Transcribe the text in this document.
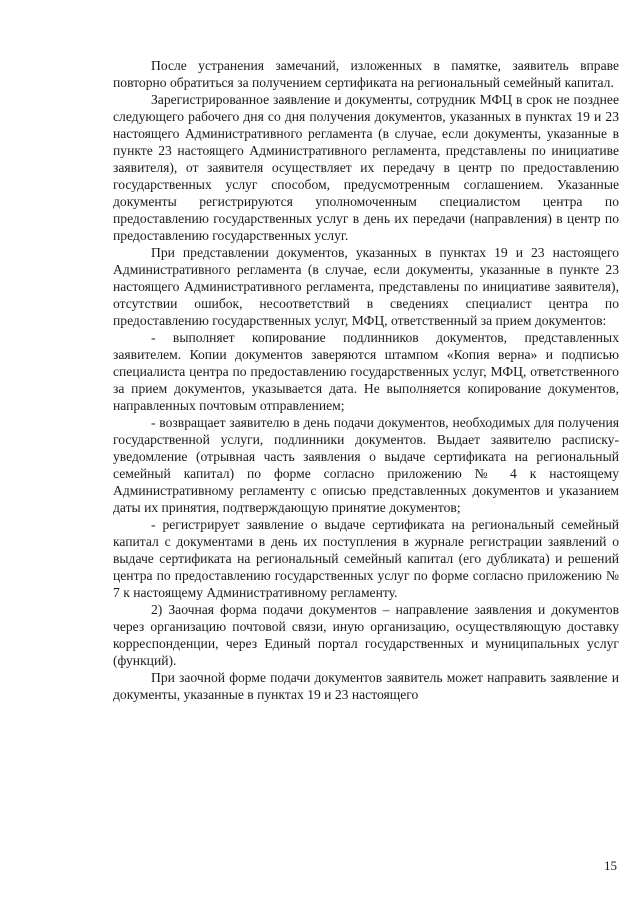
После устранения замечаний, изложенных в памятке, заявитель вправе повторно обратиться за получением сертификата на региональный семейный капитал.

Зарегистрированное заявление и документы, сотрудник МФЦ в срок не позднее следующего рабочего дня со дня получения документов, указанных в пунктах 19 и 23 настоящего Административного регламента (в случае, если документы, указанные в пункте 23 настоящего Административного регламента, представлены по инициативе заявителя), от заявителя осуществляет их передачу в центр по предоставлению государственных услуг способом, предусмотренным соглашением. Указанные документы регистрируются уполномоченным специалистом центра по предоставлению государственных услуг в день их передачи (направления) в центр по предоставлению государственных услуг.

При представлении документов, указанных в пунктах 19 и 23 настоящего Административного регламента (в случае, если документы, указанные в пункте 23 настоящего Административного регламента, представлены по инициативе заявителя), отсутствии ошибок, несоответствий в сведениях специалист центра по предоставлению государственных услуг, МФЦ, ответственный за прием документов:

- выполняет копирование подлинников документов, представленных заявителем. Копии документов заверяются штампом «Копия верна» и подписью специалиста центра по предоставлению государственных услуг, МФЦ, ответственного за прием документов, указывается дата. Не выполняется копирование документов, направленных почтовым отправлением;

- возвращает заявителю в день подачи документов, необходимых для получения государственной услуги, подлинники документов. Выдает заявителю расписку-уведомление (отрывная часть заявления о выдаче сертификата на региональный семейный капитал) по форме согласно приложению № 4 к настоящему Административному регламенту с описью представленных документов и указанием даты их принятия, подтверждающую принятие документов;

- регистрирует заявление о выдаче сертификата на региональный семейный капитал с документами в день их поступления в журнале регистрации заявлений о выдаче сертификата на региональный семейный капитал (его дубликата) и решений центра по предоставлению государственных услуг по форме согласно приложению № 7 к настоящему Административному регламенту.

2) Заочная форма подачи документов – направление заявления и документов через организацию почтовой связи, иную организацию, осуществляющую доставку корреспонденции, через Единый портал государственных и муниципальных услуг (функций).

При заочной форме подачи документов заявитель может направить заявление и документы, указанные в пунктах 19 и 23 настоящего

15
